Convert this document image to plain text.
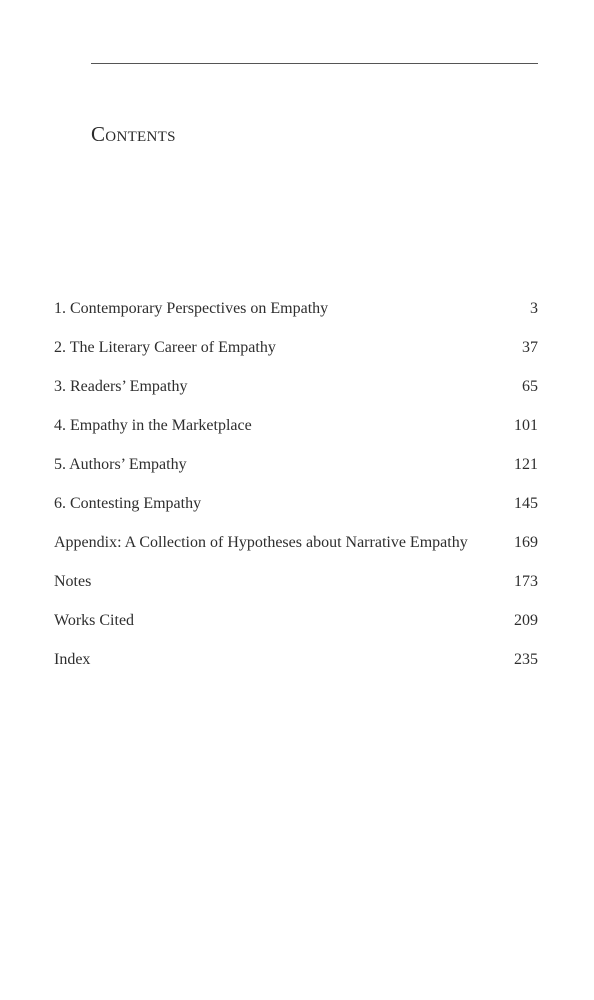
Contents
1. Contemporary Perspectives on Empathy	3
2. The Literary Career of Empathy	37
3. Readers’ Empathy	65
4. Empathy in the Marketplace	101
5. Authors’ Empathy	121
6. Contesting Empathy	145
Appendix: A Collection of Hypotheses about Narrative Empathy	169
Notes	173
Works Cited	209
Index	235
